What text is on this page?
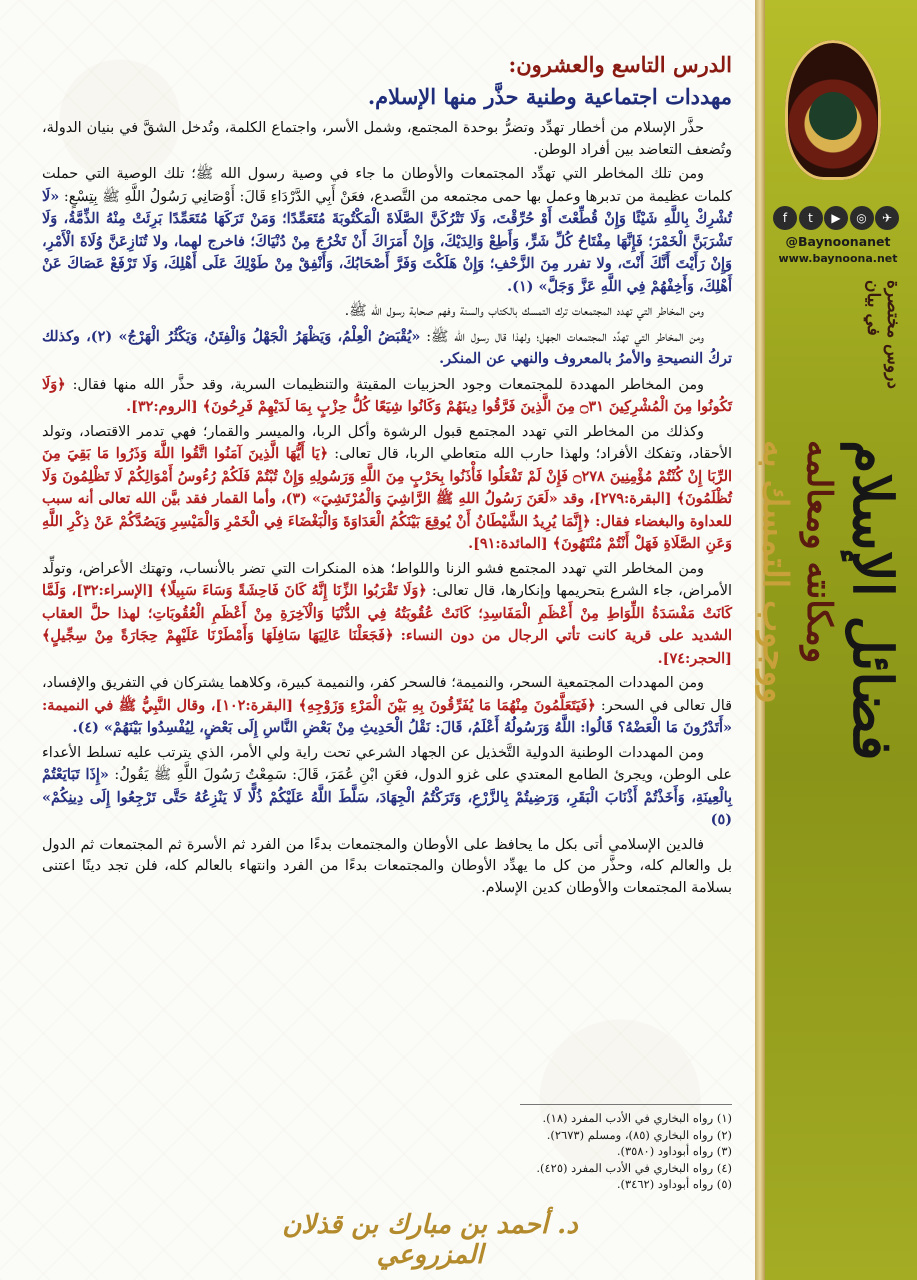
f	t	▶	◎	✈
@Baynoonanet
www.baynoona.net
دروس مختصرة في بيان
فضائل الإسلام
ومكانته ومعالمه
ووجوب التمسك به
الدرس التاسع والعشرون:
مهددات اجتماعية وطنية حذَّر منها الإسلام.

حذَّر الإسلام من أخطار تهدِّد وتضرُّ بوحدة المجتمع، وشمل الأسر، واجتماع الكلمة، وتُدخل الشقَّ في بنيان الدولة، وتُضعف التعاضد بين أفراد الوطن.

ومن تلك المخاطر التي تهدِّد المجتمعات والأوطان ما جاء في وصية رسول الله ﷺ؛ تلك الوصية التي حملت كلمات عظيمة من تدبرها وعمل بها حمى مجتمعه من التَّصدع، فعَنْ أَبِي الدَّرْدَاءِ قَالَ: أَوْصَانِي رَسُولُ اللَّهِ ﷺ بِتِسْعٍ: «لَا تُشْرِكْ بِاللَّهِ شَيْئًا وَإِنْ قُطِّعْتَ أَوْ حُرِّقْتَ، وَلَا تَتْرُكَنَّ الصَّلَاةَ الْمَكْتُوبَةَ مُتَعَمِّدًا؛ وَمَنْ تَرَكَهَا مُتَعَمِّدًا بَرِئَتْ مِنْهُ الذِّمَّةُ، وَلَا تَشْرَبَنَّ الْخَمْرَ؛ فَإِنَّهَا مِفْتَاحُ كُلِّ شَرٍّ، وَأَطِعْ وَالِدَيْكَ، وَإِنْ أَمَرَاكَ أَنْ تَخْرُجَ مِنْ دُنْيَاكَ؛ فاخرج لهما، ولا تُنَازِعَنَّ وُلَاةَ الْأَمْرِ، وَإِنْ رَأَيْتَ أَنَّكَ أَنْتَ، ولا تفرر مِنَ الزَّحْفِ؛ وَإِنْ هَلَكْتَ وَفَرَّ أَصْحَابُكَ، وَأَنْفِقْ مِنْ طَوْلِكَ عَلَى أَهْلِكَ، وَلَا تَرْفَعْ عَصَاكَ عَنْ أَهْلِكَ، وَأَخِفْهُمْ فِي اللَّهِ عَزَّ وَجَلَّ» (١).

ومن المخاطر التي تهدد المجتمعات ترك التمسك بالكتاب والسنة وفهم صحابة رسول الله ﷺ.

ومن المخاطر التي تهدِّد المجتمعات الجهل؛ ولهذا قال رسول الله ﷺ: «يُقْبَضُ الْعِلْمُ، وَيَظْهَرُ الْجَهْلُ وَالْفِتَنُ، وَيَكْثُرُ الْهَرْجُ» (٢)، وكذلك تركُ النصيحةِ والأمرُ بالمعروف والنهي عن المنكر.

ومن المخاطر المهددة للمجتمعات وجود الحزبيات المقيتة والتنظيمات السرية، وقد حذَّر الله منها فقال: ﴿وَلَا تَكُونُوا مِنَ الْمُشْرِكِينَ ۝٣١ مِنَ الَّذِينَ فَرَّقُوا دِينَهُمْ وَكَانُوا شِيَعًا كُلُّ حِزْبٍ بِمَا لَدَيْهِمْ فَرِحُونَ﴾ [الروم:٣٢].

وكذلك من المخاطر التي تهدد المجتمع قبول الرشوة وأكل الربا، والميسر والقمار؛ فهي تدمر الاقتصاد، وتولد الأحقاد، وتفكك الأفراد؛ ولهذا حارب الله متعاطي الربا، قال تعالى: ﴿يَا أَيُّهَا الَّذِينَ آمَنُوا اتَّقُوا اللَّهَ وَذَرُوا مَا بَقِيَ مِنَ الرِّبَا إِنْ كُنْتُمْ مُؤْمِنِينَ ۝٢٧٨ فَإِنْ لَمْ تَفْعَلُوا فَأْذَنُوا بِحَرْبٍ مِنَ اللَّهِ وَرَسُولِهِ وَإِنْ تُبْتُمْ فَلَكُمْ رُءُوسُ أَمْوَالِكُمْ لَا تَظْلِمُونَ وَلَا تُظْلَمُونَ﴾ [البقرة:٢٧٩]، وقد «لَعَنَ رَسُولُ اللهِ ﷺ الرَّاشِيَ وَالْمُرْتَشِيَ» (٣)، وأما القمار فقد بيَّن الله تعالى أنه سبب للعداوة والبغضاء فقال: ﴿إِنَّمَا يُرِيدُ الشَّيْطَانُ أَنْ يُوقِعَ بَيْنَكُمُ الْعَدَاوَةَ وَالْبَغْضَاءَ فِي الْخَمْرِ وَالْمَيْسِرِ وَيَصُدَّكُمْ عَنْ ذِكْرِ اللَّهِ وَعَنِ الصَّلَاةِ فَهَلْ أَنْتُمْ مُنْتَهُونَ﴾ [المائدة:٩١].

ومن المخاطر التي تهدد المجتمع فشو الزنا واللواط؛ هذه المنكرات التي تضر بالأنساب، وتهتك الأعراض، وتولِّد الأمراض، جاء الشرع بتحريمها وإنكارها، قال تعالى: ﴿وَلَا تَقْرَبُوا الزِّنَا إِنَّهُ كَانَ فَاحِشَةً وَسَاءَ سَبِيلًا﴾ [الإسراء:٣٢]، وَلَمَّا كَانَتْ مَفْسَدَةُ اللِّوَاطِ مِنْ أَعْظَمِ الْمَفَاسِدِ؛ كَانَتْ عُقُوبَتُهُ فِي الدُّنْيَا وَالْآخِرَةِ مِنْ أَعْظَمِ الْعُقُوبَاتِ؛ لهذا حلَّ العقاب الشديد على قرية كانت تأتي الرجال من دون النساء: ﴿فَجَعَلْنَا عَالِيَهَا سَافِلَهَا وَأَمْطَرْنَا عَلَيْهِمْ حِجَارَةً مِنْ سِجِّيلٍ﴾ [الحجر:٧٤].

ومن المهددات المجتمعية السحر، والنميمة؛ فالسحر كفر، والنميمة كبيرة، وكلاهما يشتركان في التفريق والإفساد، قال تعالى في السحر: ﴿فَيَتَعَلَّمُونَ مِنْهُمَا مَا يُفَرِّقُونَ بِهِ بَيْنَ الْمَرْءِ وَزَوْجِهِ﴾ [البقرة:١٠٢]، وقال النَّبِيُّ ﷺ في النميمة: «أَتَدْرُونَ مَا الْعَضْهُ؟ قَالُوا: اللَّهُ وَرَسُولُهُ أَعْلَمُ، قَالَ: نَقْلُ الْحَدِيثِ مِنْ بَعْضِ النَّاسِ إِلَى بَعْضٍ، لِيُفْسِدُوا بَيْنَهُمْ» (٤).

ومن المهددات الوطنية الدولية التَّخذيل عن الجهاد الشرعي تحت راية ولي الأمر، الذي يترتب عليه تسلط الأعداء على الوطن، ويجرئ الطامع المعتدي على غزو الدول، فعَنِ ابْنِ عُمَرَ، قَالَ: سَمِعْتُ رَسُولَ اللَّهِ ﷺ يَقُولُ: «إِذَا تَبَايَعْتُمْ بِالْعِينَةِ، وَأَخَذْتُمْ أَذْنَابَ الْبَقَرِ، وَرَضِيتُمْ بِالزَّرْعِ، وَتَرَكْتُمُ الْجِهَادَ، سَلَّطَ اللَّهُ عَلَيْكُمْ ذُلًّا لَا يَنْزِعُهُ حَتَّى تَرْجِعُوا إِلَى دِينِكُمْ» (٥)

فالدين الإسلامي أتى بكل ما يحافظ على الأوطان والمجتمعات بدءًا من الفرد ثم الأسرة ثم المجتمعات ثم الدول بل والعالم كله، وحذَّر من كل ما يهدِّد الأوطان والمجتمعات بدءًا من الفرد وانتهاء بالعالم كله، فلن تجد دينًا اعتنى بسلامة المجتمعات والأوطان كدين الإسلام.

(١) رواه البخاري في الأدب المفرد (١٨).
(٢) رواه البخاري (٨٥)، ومسلم (٢٦٧٣).
(٣) رواه أبوداود (٣٥٨٠).
(٤) رواه البخاري في الأدب المفرد (٤٢٥).
(٥) رواه أبوداود (٣٤٦٢).
د. أحمد بن مبارك بن قذلان المزروعي
